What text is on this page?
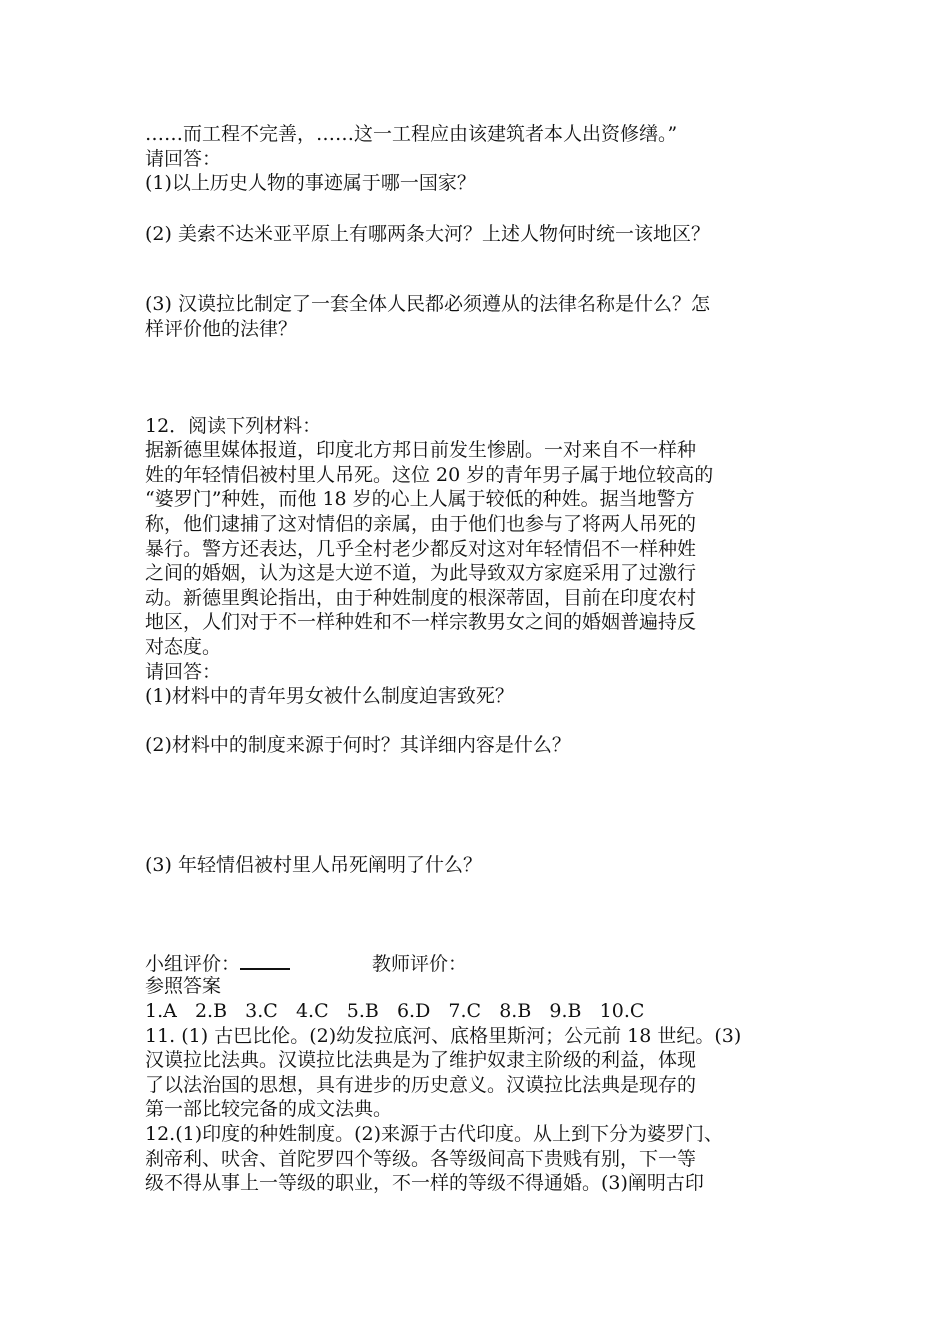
……而工程不完善，……这一工程应由该建筑者本人出资修缮。”
请回答：
(1)以上历史人物的事迹属于哪一国家？
(2) 美索不达米亚平原上有哪两条大河？上述人物何时统一该地区？
(3) 汉谟拉比制定了一套全体人民都必须遵从的法律名称是什么？怎
样评价他的法律？
12．阅读下列材料：
据新德里媒体报道，印度北方邦日前发生惨剧。一对来自不一样种
姓的年轻情侣被村里人吊死。这位 20 岁的青年男子属于地位较高的
“婆罗门”种姓，而他 18 岁的心上人属于较低的种姓。据当地警方
称，他们逮捕了这对情侣的亲属，由于他们也参与了将两人吊死的
暴行。警方还表达，几乎全村老少都反对这对年轻情侣不一样种姓
之间的婚姻，认为这是大逆不道，为此导致双方家庭采用了过激行
动。新德里舆论指出，由于种姓制度的根深蒂固，目前在印度农村
地区，人们对于不一样种姓和不一样宗教男女之间的婚姻普遍持反
对态度。
请回答：
(1)材料中的青年男女被什么制度迫害致死？
(2)材料中的制度来源于何时？其详细内容是什么？
(3) 年轻情侣被村里人吊死阐明了什么？
小组评价：	教师评价：
参照答案
1.A   2.B   3.C   4.C   5.B   6.D   7.C   8.B   9.B   10.C
11. (1) 古巴比伦。(2)幼发拉底河、底格里斯河；公元前 18 世纪。(3)
汉谟拉比法典。汉谟拉比法典是为了维护奴隶主阶级的利益，体现
了以法治国的思想，具有进步的历史意义。汉谟拉比法典是现存的
第一部比较完备的成文法典。
12.(1)印度的种姓制度。(2)来源于古代印度。从上到下分为婆罗门、
刹帝利、吠舍、首陀罗四个等级。各等级间高下贵贱有别，下一等
级不得从事上一等级的职业，不一样的等级不得通婚。(3)阐明古印
